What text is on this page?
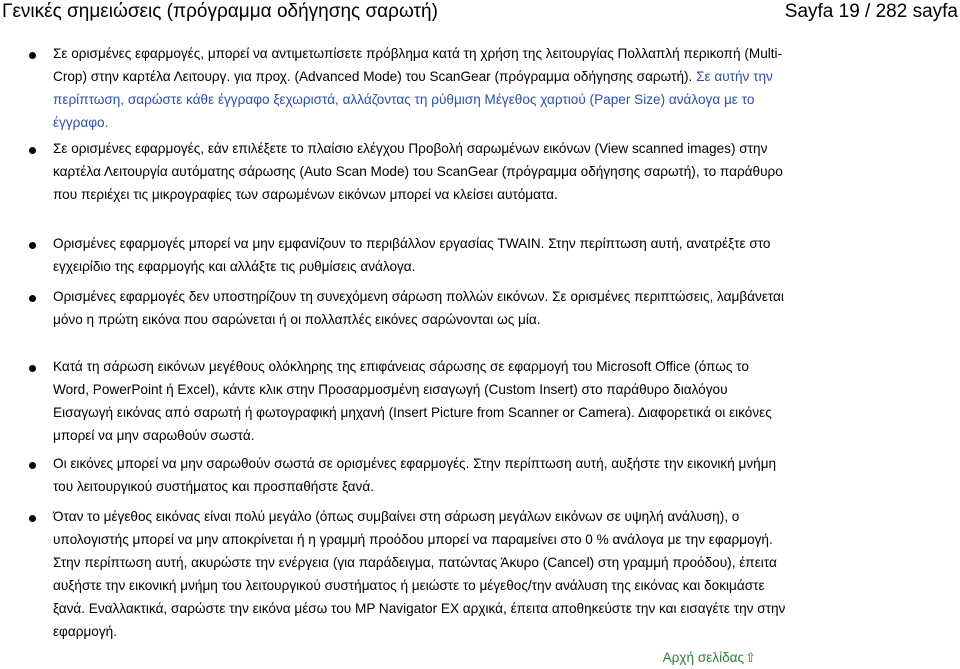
Γενικές σημειώσεις (πρόγραμμα οδήγησης σαρωτή)	Sayfa 19 / 282 sayfa
Σε ορισμένες εφαρμογές, μπορεί να αντιμετωπίσετε πρόβλημα κατά τη χρήση της λειτουργίας Πολλαπλή περικοπή (Multi-Crop) στην καρτέλα Λειτουργ. για προχ. (Advanced Mode) του ScanGear (πρόγραμμα οδήγησης σαρωτή). Σε αυτήν την περίπτωση, σαρώστε κάθε έγγραφο ξεχωριστά, αλλάζοντας τη ρύθμιση Μέγεθος χαρτιού (Paper Size) ανάλογα με το έγγραφο.
Σε ορισμένες εφαρμογές, εάν επιλέξετε το πλαίσιο ελέγχου Προβολή σαρωμένων εικόνων (View scanned images) στην καρτέλα Λειτουργία αυτόματης σάρωσης (Auto Scan Mode) του ScanGear (πρόγραμμα οδήγησης σαρωτή), το παράθυρο που περιέχει τις μικρογραφίες των σαρωμένων εικόνων μπορεί να κλείσει αυτόματα.
Ορισμένες εφαρμογές μπορεί να μην εμφανίζουν το περιβάλλον εργασίας TWAIN. Στην περίπτωση αυτή, ανατρέξτε στο εγχειρίδιο της εφαρμογής και αλλάξτε τις ρυθμίσεις ανάλογα.
Ορισμένες εφαρμογές δεν υποστηρίζουν τη συνεχόμενη σάρωση πολλών εικόνων. Σε ορισμένες περιπτώσεις, λαμβάνεται μόνο η πρώτη εικόνα που σαρώνεται ή οι πολλαπλές εικόνες σαρώνονται ως μία.
Κατά τη σάρωση εικόνων μεγέθους ολόκληρης της επιφάνειας σάρωσης σε εφαρμογή του Microsoft Office (όπως το Word, PowerPoint ή Excel), κάντε κλικ στην Προσαρμοσμένη εισαγωγή (Custom Insert) στο παράθυρο διαλόγου Εισαγωγή εικόνας από σαρωτή ή φωτογραφική μηχανή (Insert Picture from Scanner or Camera). Διαφορετικά οι εικόνες μπορεί να μην σαρωθούν σωστά.
Οι εικόνες μπορεί να μην σαρωθούν σωστά σε ορισμένες εφαρμογές. Στην περίπτωση αυτή, αυξήστε την εικονική μνήμη του λειτουργικού συστήματος και προσπαθήστε ξανά.
Όταν το μέγεθος εικόνας είναι πολύ μεγάλο (όπως συμβαίνει στη σάρωση μεγάλων εικόνων σε υψηλή ανάλυση), ο υπολογιστής μπορεί να μην αποκρίνεται ή η γραμμή προόδου μπορεί να παραμείνει στο 0 % ανάλογα με την εφαρμογή. Στην περίπτωση αυτή, ακυρώστε την ενέργεια (για παράδειγμα, πατώντας Άκυρο (Cancel) στη γραμμή προόδου), έπειτα αυξήστε την εικονική μνήμη του λειτουργικού συστήματος ή μειώστε το μέγεθος/την ανάλυση της εικόνας και δοκιμάστε ξανά. Εναλλακτικά, σαρώστε την εικόνα μέσω του MP Navigator EX αρχικά, έπειτα αποθηκεύστε την και εισαγέτε την στην εφαρμογή.
Αρχή σελίδας⇧
